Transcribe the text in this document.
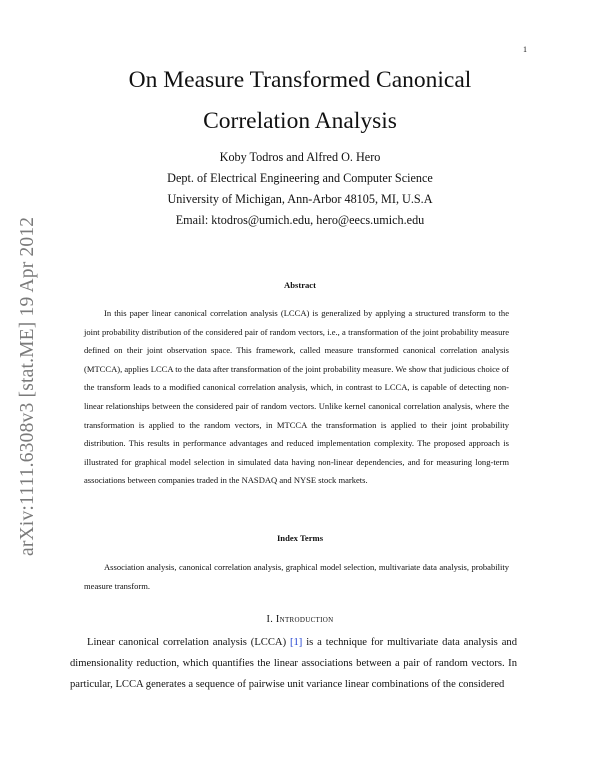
1
arXiv:1111.6308v3 [stat.ME] 19 Apr 2012
On Measure Transformed Canonical
Correlation Analysis
Koby Todros and Alfred O. Hero
Dept. of Electrical Engineering and Computer Science
University of Michigan, Ann-Arbor 48105, MI, U.S.A
Email: ktodros@umich.edu, hero@eecs.umich.edu
Abstract

In this paper linear canonical correlation analysis (LCCA) is generalized by applying a structured transform to the joint probability distribution of the considered pair of random vectors, i.e., a transformation of the joint probability measure defined on their joint observation space. This framework, called measure transformed canonical correlation analysis (MTCCA), applies LCCA to the data after transformation of the joint probability measure. We show that judicious choice of the transform leads to a modified canonical correlation analysis, which, in contrast to LCCA, is capable of detecting non-linear relationships between the considered pair of random vectors. Unlike kernel canonical correlation analysis, where the transformation is applied to the random vectors, in MTCCA the transformation is applied to their joint probability distribution. This results in performance advantages and reduced implementation complexity. The proposed approach is illustrated for graphical model selection in simulated data having non-linear dependencies, and for measuring long-term associations between companies traded in the NASDAQ and NYSE stock markets.

Index Terms

Association analysis, canonical correlation analysis, graphical model selection, multivariate data analysis, probability measure transform.

I. Introduction

Linear canonical correlation analysis (LCCA) [1] is a technique for multivariate data analysis and dimensionality reduction, which quantifies the linear associations between a pair of random vectors. In particular, LCCA generates a sequence of pairwise unit variance linear combinations of the considered
